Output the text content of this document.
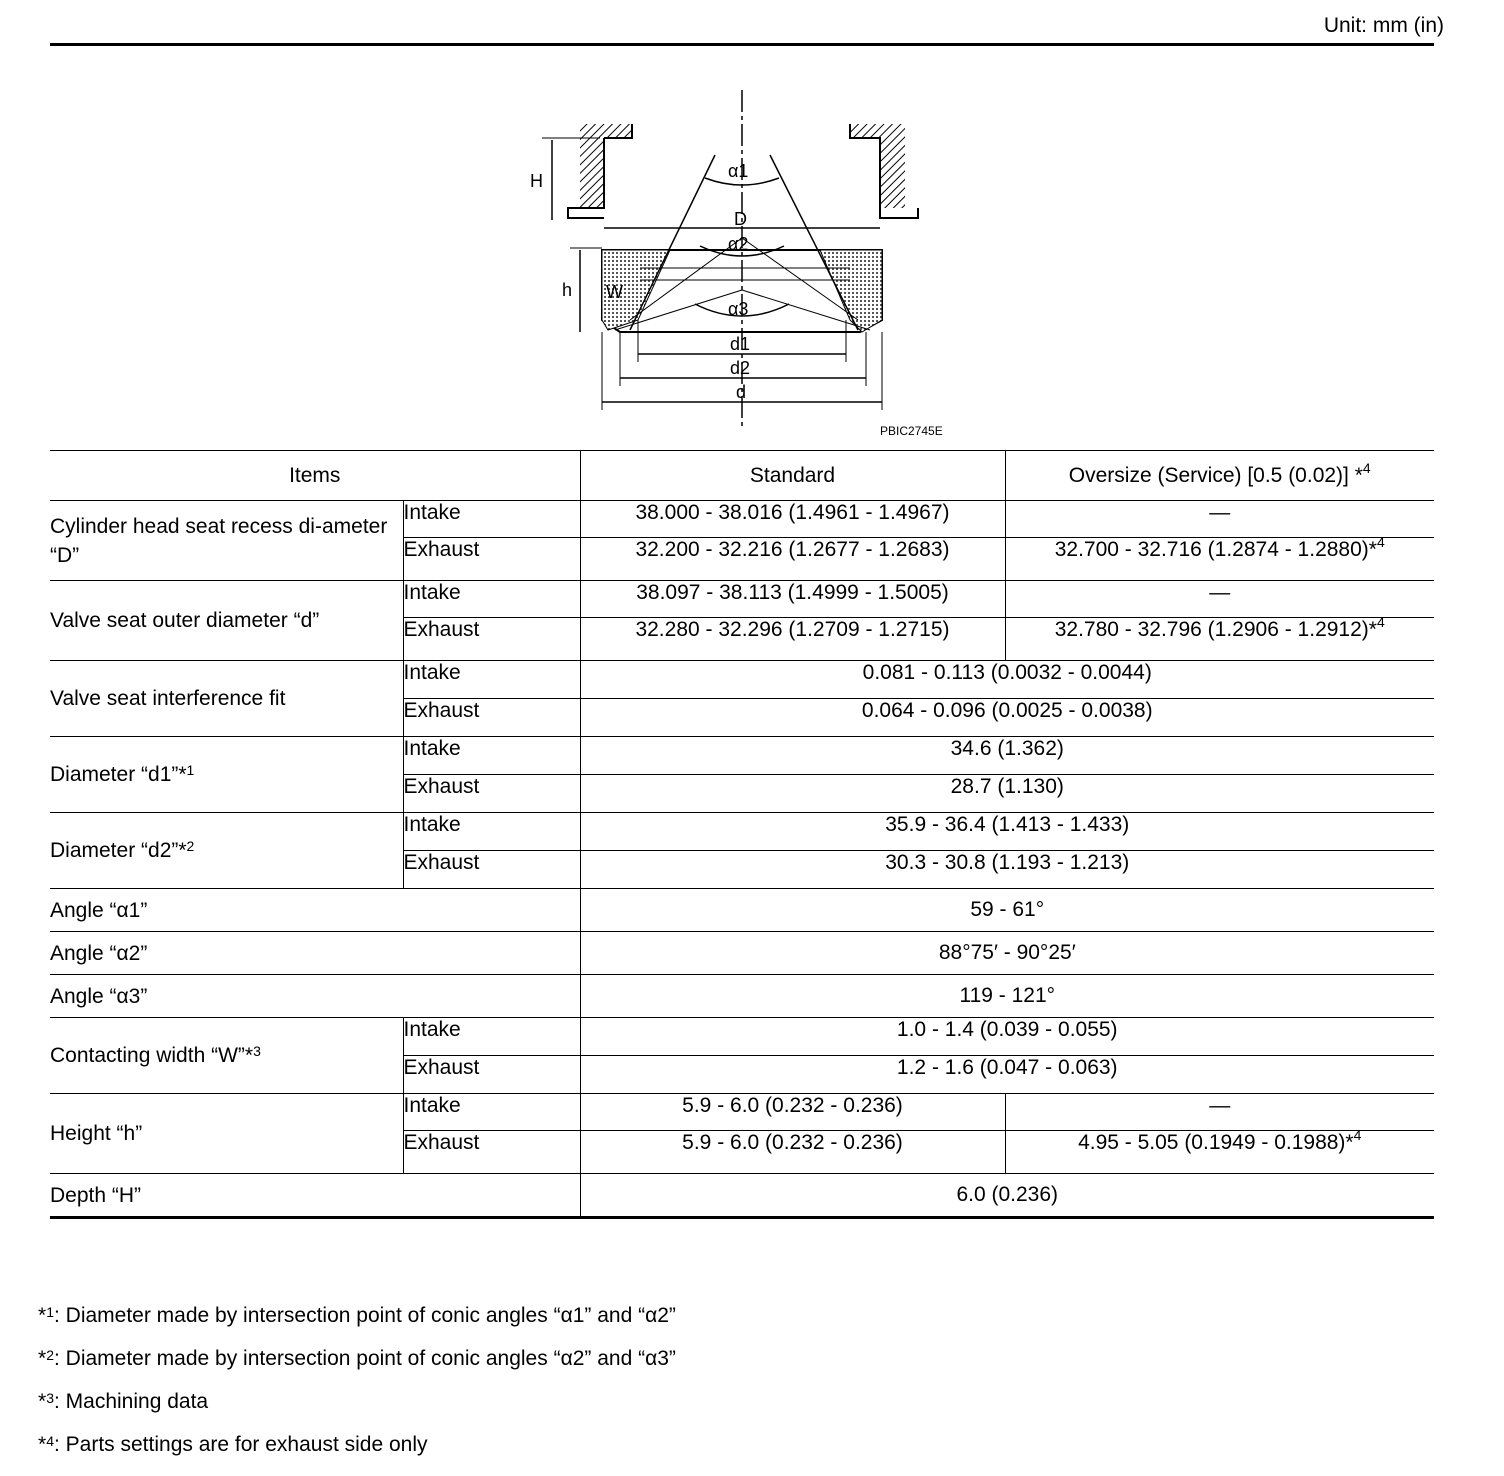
Unit: mm (in)
H	α1
α2
α3
D
h W
d1
d2
d
PBIC2745E
Items		Standard	Oversize (Service) [0.5 (0.02)] *$^4$
Cylinder head seat recess di-ameter “D”	Intake	38.000 - 38.016 (1.4961 - 1.4967)	—
	Exhaust	32.200 - 32.216 (1.2677 - 1.2683)	32.700 - 32.716 (1.2874 - 1.2880)*$^4$
Valve seat outer diameter “d”	Intake	38.097 - 38.113 (1.4999 - 1.5005)	—
	Exhaust	32.280 - 32.296 (1.2709 - 1.2715)	32.780 - 32.796 (1.2906 - 1.2912)*$^4$
Valve seat interference fit	Intake	0.081 - 0.113 (0.0032 - 0.0044)	
	Exhaust	0.064 - 0.096 (0.0025 - 0.0038)	
Diameter “d1”*$^1$	Intake	34.6 (1.362)	
	Exhaust	28.7 (1.130)	
Diameter “d2”*$^2$	Intake	35.9 - 36.4 (1.413 - 1.433)	
	Exhaust	30.3 - 30.8 (1.193 - 1.213)	
Angle “α1”		59 - 61°	
Angle “α2”		88°75′ - 90°25′	
Angle “α3”		119 - 121°	
Contacting width “W”*$^3$	Intake	1.0 - 1.4 (0.039 - 0.055)	
	Exhaust	1.2 - 1.6 (0.047 - 0.063)	
Height “h”	Intake	5.9 - 6.0 (0.232 - 0.236)	—
	Exhaust	5.9 - 6.0 (0.232 - 0.236)	4.95 - 5.05 (0.1949 - 0.1988)*$^4$
Depth “H”		6.0 (0.236)	
*$^1$: Diameter made by intersection point of conic angles “α1” and “α2”
*$^2$: Diameter made by intersection point of conic angles “α2” and “α3”
*$^3$: Machining data
*$^4$: Parts settings are for exhaust side only
